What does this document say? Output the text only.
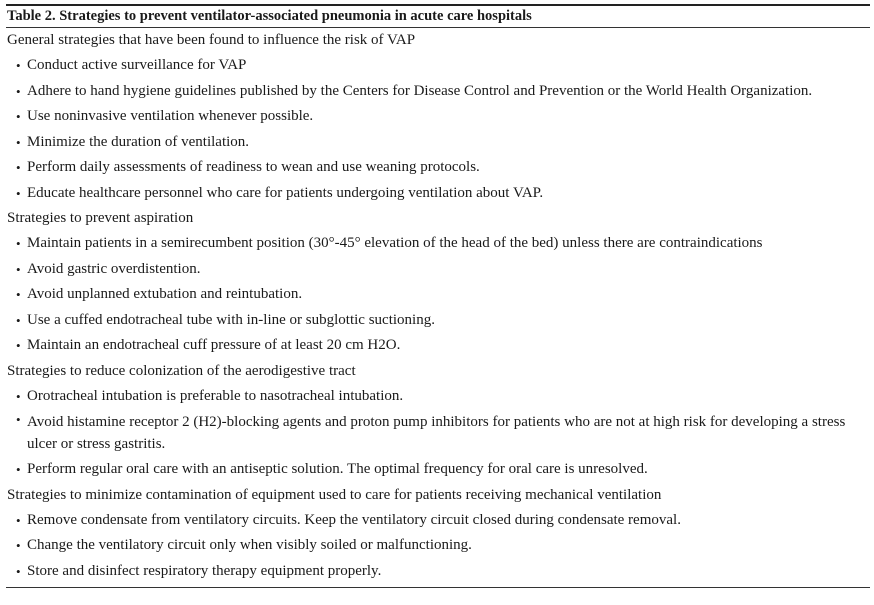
Table 2. Strategies to prevent ventilator-associated pneumonia in acute care hospitals
General strategies that have been found to influence the risk of VAP
• Conduct active surveillance for VAP
• Adhere to hand hygiene guidelines published by the Centers for Disease Control and Prevention or the World Health Organization.
• Use noninvasive ventilation whenever possible.
• Minimize the duration of ventilation.
• Perform daily assessments of readiness to wean and use weaning protocols.
• Educate healthcare personnel who care for patients undergoing ventilation about VAP.
Strategies to prevent aspiration
• Maintain patients in a semirecumbent position (30°-45° elevation of the head of the bed) unless there are contraindications
• Avoid gastric overdistention.
• Avoid unplanned extubation and reintubation.
• Use a cuffed endotracheal tube with in-line or subglottic suctioning.
• Maintain an endotracheal cuff pressure of at least 20 cm H2O.
Strategies to reduce colonization of the aerodigestive tract
• Orotracheal intubation is preferable to nasotracheal intubation.
• Avoid histamine receptor 2 (H2)-blocking agents and proton pump inhibitors for patients who are not at high risk for developing a stress ulcer or stress gastritis.
• Perform regular oral care with an antiseptic solution. The optimal frequency for oral care is unresolved.
Strategies to minimize contamination of equipment used to care for patients receiving mechanical ventilation
• Remove condensate from ventilatory circuits. Keep the ventilatory circuit closed during condensate removal.
• Change the ventilatory circuit only when visibly soiled or malfunctioning.
• Store and disinfect respiratory therapy equipment properly.
